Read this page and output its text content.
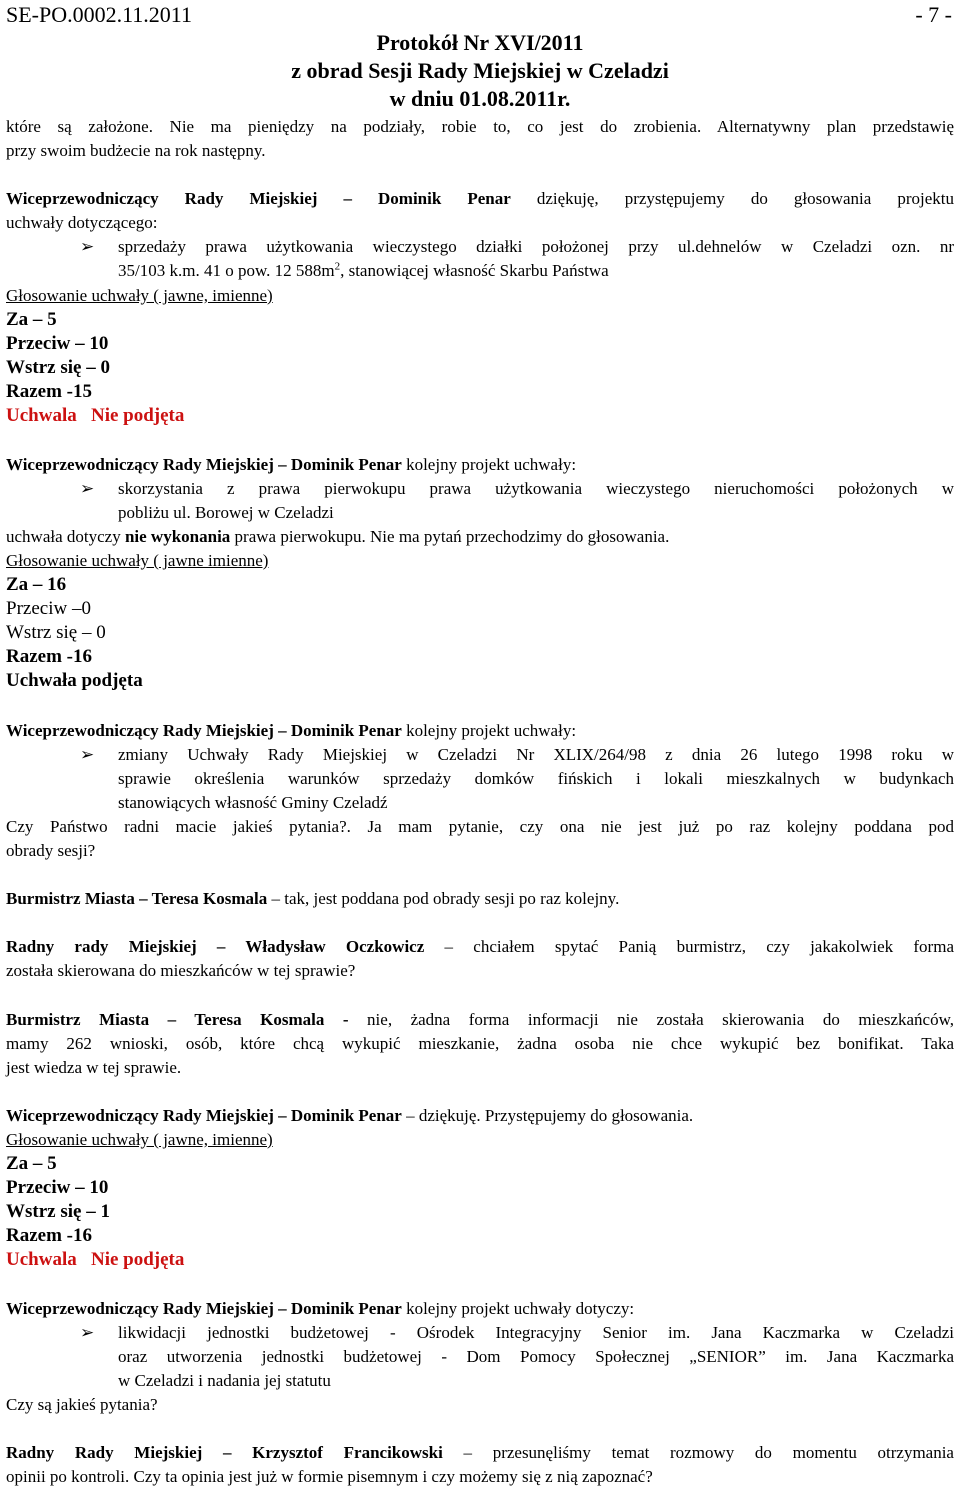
SE-PO.0002.11.2011	- 7 -
Protokół Nr XVI/2011
z obrad Sesji Rady Miejskiej w Czeladzi
w dniu 01.08.2011r.
które są założone. Nie ma pieniędzy na podziały, robie to, co jest do zrobienia. Alternatywny plan przedstawię
przy swoim budżecie na rok następny.
Wiceprzewodniczący Rady Miejskiej – Dominik Penar dziękuję, przystępujemy do głosowania projektu
uchwały dotyczącego:
➢ sprzedaży prawa użytkowania wieczystego działki położonej przy ul.dehnelów w Czeladzi ozn. nr
35/103 k.m. 41 o pow. 12 $588m^2$, stanowiącej własność Skarbu Państwa
Głosowanie uchwały ( jawne, imienne)
Za – 5
Przeciw – 10
Wstrz się – 0
Razem -15
Uchwala   Nie podjęta
Wiceprzewodniczący Rady Miejskiej – Dominik Penar kolejny projekt uchwały:
➢ skorzystania z prawa pierwokupu prawa użytkowania wieczystego nieruchomości położonych w
pobliżu ul. Borowej w Czeladzi
uchwała dotyczy nie wykonania prawa pierwokupu. Nie ma pytań przechodzimy do głosowania.
Głosowanie uchwały ( jawne imienne)
Za – 16
Przeciw –0
Wstrz się – 0
Razem -16
Uchwała podjęta
Wiceprzewodniczący Rady Miejskiej – Dominik Penar kolejny projekt uchwały:
➢ zmiany Uchwały Rady Miejskiej w Czeladzi Nr XLIX/264/98 z dnia 26 lutego 1998 roku w
sprawie określenia warunków sprzedaży domków fińskich i lokali mieszkalnych w budynkach
stanowiących własność Gminy Czeladź
Czy Państwo radni macie jakieś pytania?. Ja mam pytanie, czy ona nie jest już po raz kolejny poddana pod
obrady sesji?
Burmistrz Miasta – Teresa Kosmala – tak, jest poddana pod obrady sesji po raz kolejny.
Radny rady Miejskiej – Władysław Oczkowicz – chciałem spytać Panią burmistrz, czy jakakolwiek forma
została skierowana do mieszkańców w tej sprawie?
Burmistrz Miasta – Teresa Kosmala - nie, żadna forma informacji nie została skierowania do mieszkańców,
mamy 262 wnioski, osób, które chcą wykupić mieszkanie, żadna osoba nie chce wykupić bez bonifikat. Taka
jest wiedza w tej sprawie.
Wiceprzewodniczący Rady Miejskiej – Dominik Penar – dziękuję. Przystępujemy do głosowania.
Głosowanie uchwały ( jawne, imienne)
Za – 5
Przeciw – 10
Wstrz się – 1
Razem -16
Uchwala   Nie podjęta
Wiceprzewodniczący Rady Miejskiej – Dominik Penar kolejny projekt uchwały dotyczy:
➢ likwidacji jednostki budżetowej - Ośrodek Integracyjny Senior im. Jana Kaczmarka w Czeladzi
oraz utworzenia jednostki budżetowej - Dom Pomocy Społecznej „SENIOR” im. Jana Kaczmarka
w Czeladzi i nadania jej statutu
Czy są jakieś pytania?
Radny Rady Miejskiej – Krzysztof Francikowski – przesunęliśmy temat rozmowy do momentu otrzymania
opinii po kontroli. Czy ta opinia jest już w formie pisemnym i czy możemy się z nią zapoznać?
